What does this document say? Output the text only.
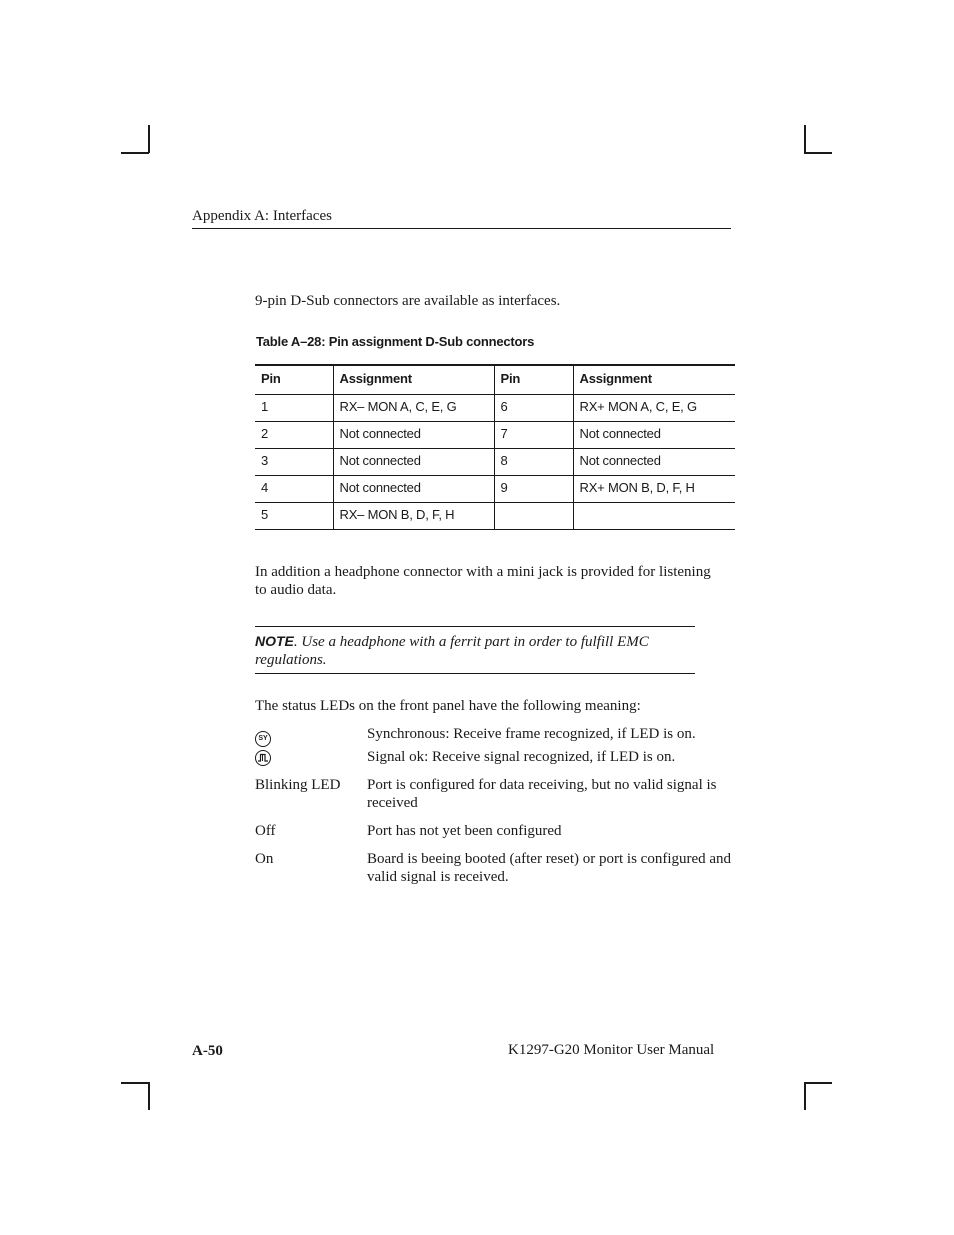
Appendix A: Interfaces
9-pin D-Sub connectors are available as interfaces.
Table A–28: Pin assignment D-Sub connectors
Pin	Assignment	Pin	Assignment
1	RX– MON A, C, E, G	6	RX+ MON A, C, E, G
2	Not connected	7	Not connected
3	Not connected	8	Not connected
4	Not connected	9	RX+ MON B, D, F, H
5	RX– MON B, D, F, H		
In addition a headphone connector with a mini jack is provided for listening to audio data.
NOTE. Use a headphone with a ferrit part in order to fulfill EMC regulations.
The status LEDs on the front panel have the following meaning:
SY	Synchronous: Receive frame recognized, if LED is on.
Signal ok: Receive signal recognized, if LED is on.
Blinking LED	Port is configured for data receiving, but no valid signal is received
Off	Port has not yet been configured
On	Board is beeing booted (after reset) or port is configured and valid signal is received.
A-50	K1297-G20 Monitor User Manual
